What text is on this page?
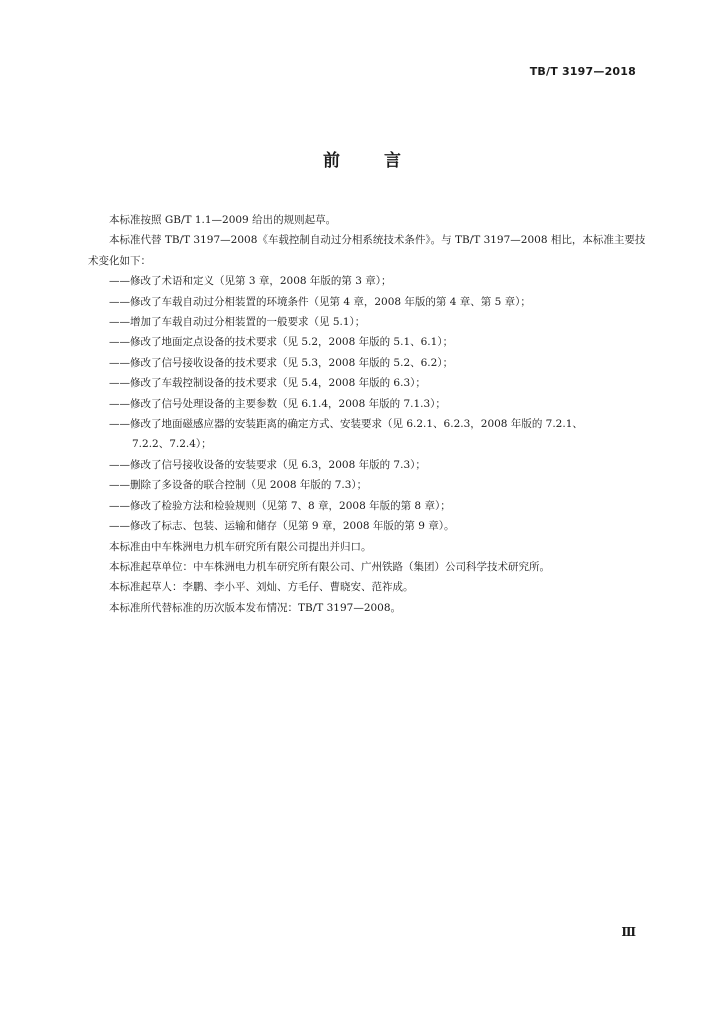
TB/T 3197—2018
前 言

本标准按照 GB/T 1.1—2009 给出的规则起草。

本标准代替 TB/T 3197—2008《车载控制自动过分相系统技术条件》。与 TB/T 3197—2008 相比，本标准主要技术变化如下：

——修改了术语和定义（见第 3 章，2008 年版的第 3 章）；

——修改了车载自动过分相装置的环境条件（见第 4 章，2008 年版的第 4 章、第 5 章）；

——增加了车载自动过分相装置的一般要求（见 5.1）；

——修改了地面定点设备的技术要求（见 5.2，2008 年版的 5.1、6.1）；

——修改了信号接收设备的技术要求（见 5.3，2008 年版的 5.2、6.2）；

——修改了车载控制设备的技术要求（见 5.4，2008 年版的 6.3）；

——修改了信号处理设备的主要参数（见 6.1.4，2008 年版的 7.1.3）；

——修改了地面磁感应器的安装距离的确定方式、安装要求（见 6.2.1、6.2.3，2008 年版的 7.2.1、

7.2.2、7.2.4）；

——修改了信号接收设备的安装要求（见 6.3，2008 年版的 7.3）；

——删除了多设备的联合控制（见 2008 年版的 7.3）；

——修改了检验方法和检验规则（见第 7、8 章，2008 年版的第 8 章）；

——修改了标志、包装、运输和储存（见第 9 章，2008 年版的第 9 章）。

本标准由中车株洲电力机车研究所有限公司提出并归口。

本标准起草单位：中车株洲电力机车研究所有限公司、广州铁路（集团）公司科学技术研究所。

本标准起草人：李鹏、李小平、刘灿、方毛仔、曹晓安、范祚成。

本标准所代替标准的历次版本发布情况：TB/T 3197—2008。

Ⅲ
